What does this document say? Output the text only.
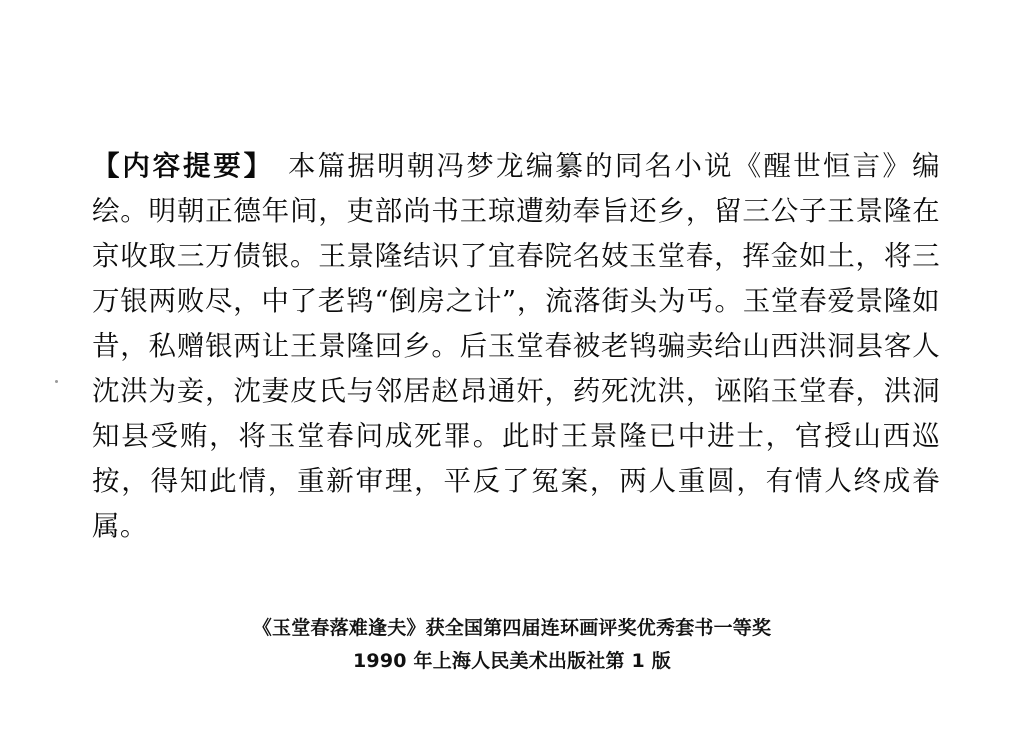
【内容提要】 本篇据明朝冯梦龙编纂的同名小说《醒世恒言》编绘。明朝正德年间，吏部尚书王琼遭劾奉旨还乡，留三公子王景隆在京收取三万债银。王景隆结识了宜春院名妓玉堂春，挥金如土，将三万银两败尽，中了老鸨“倒房之计”，流落街头为丐。玉堂春爱景隆如昔，私赠银两让王景隆回乡。后玉堂春被老鸨骗卖给山西洪洞县客人沈洪为妾，沈妻皮氏与邻居赵昂通奸，药死沈洪，诬陷玉堂春，洪洞知县受贿，将玉堂春问成死罪。此时王景隆已中进士，官授山西巡按，得知此情，重新审理，平反了冤案，两人重圆，有情人终成眷属。

《玉堂春落难逢夫》获全国第四届连环画评奖优秀套书一等奖

1990 年上海人民美术出版社第 1 版
